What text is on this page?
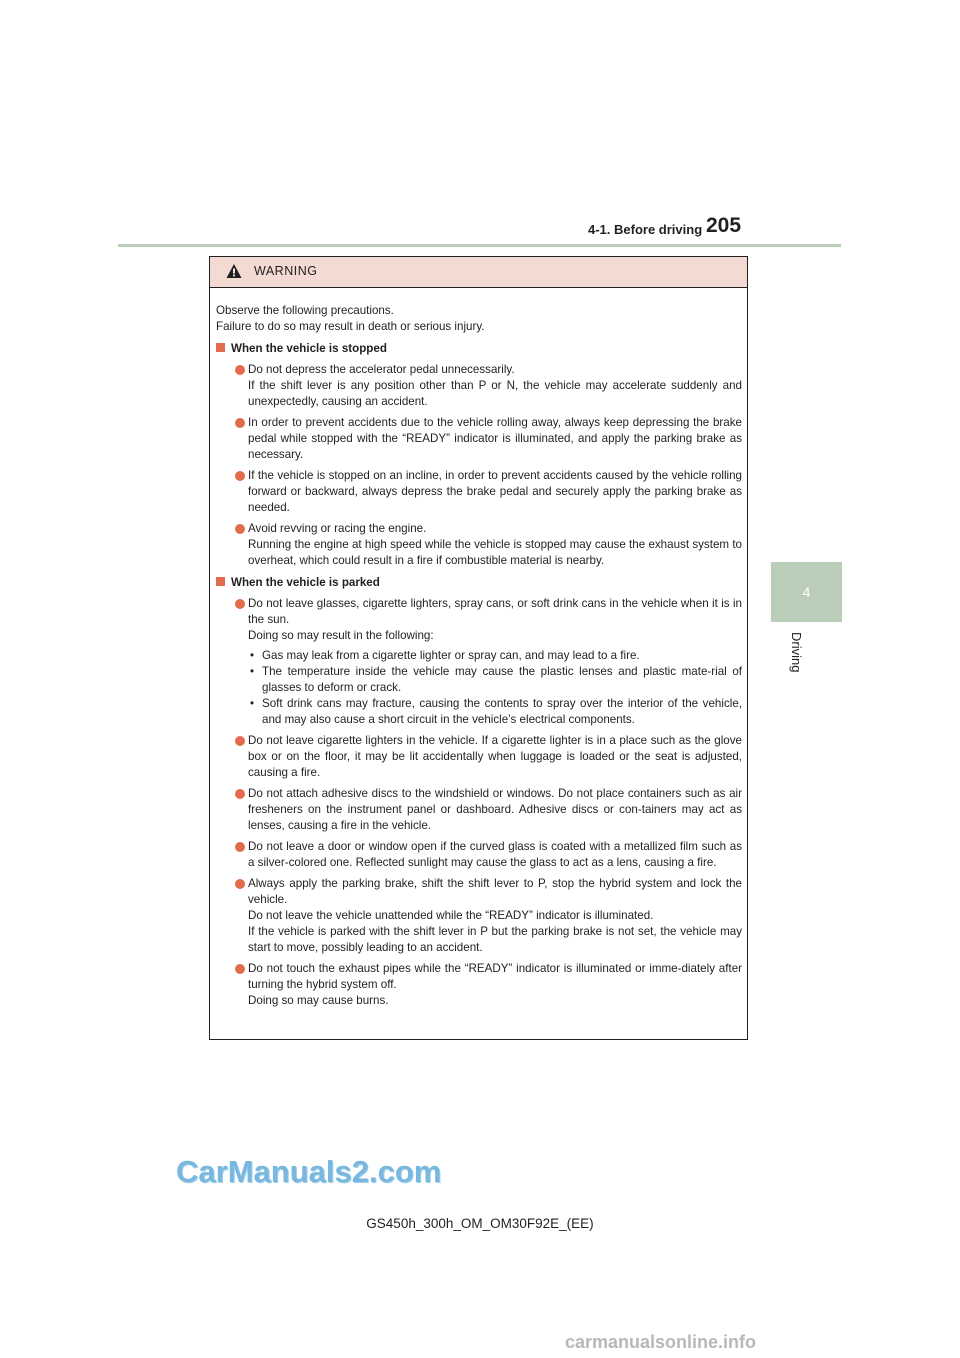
4-1. Before driving 205
4
Driving
WARNING
Observe the following precautions.
Failure to do so may result in death or serious injury.
When the vehicle is stopped
Do not depress the accelerator pedal unnecessarily.
If the shift lever is any position other than P or N, the vehicle may accelerate suddenly and unexpectedly, causing an accident.
In order to prevent accidents due to the vehicle rolling away, always keep depressing the brake pedal while stopped with the “READY” indicator is illuminated, and apply the parking brake as necessary.
If the vehicle is stopped on an incline, in order to prevent accidents caused by the vehicle rolling forward or backward, always depress the brake pedal and securely apply the parking brake as needed.
Avoid revving or racing the engine.
Running the engine at high speed while the vehicle is stopped may cause the exhaust system to overheat, which could result in a fire if combustible material is nearby.
When the vehicle is parked
Do not leave glasses, cigarette lighters, spray cans, or soft drink cans in the vehicle when it is in the sun.
Doing so may result in the following:
• Gas may leak from a cigarette lighter or spray can, and may lead to a fire.
• The temperature inside the vehicle may cause the plastic lenses and plastic mate-rial of glasses to deform or crack.
• Soft drink cans may fracture, causing the contents to spray over the interior of the vehicle, and may also cause a short circuit in the vehicle’s electrical components.
Do not leave cigarette lighters in the vehicle. If a cigarette lighter is in a place such as the glove box or on the floor, it may be lit accidentally when luggage is loaded or the seat is adjusted, causing a fire.
Do not attach adhesive discs to the windshield or windows. Do not place containers such as air fresheners on the instrument panel or dashboard. Adhesive discs or con-tainers may act as lenses, causing a fire in the vehicle.
Do not leave a door or window open if the curved glass is coated with a metallized film such as a silver-colored one. Reflected sunlight may cause the glass to act as a lens, causing a fire.
Always apply the parking brake, shift the shift lever to P, stop the hybrid system and lock the vehicle.
Do not leave the vehicle unattended while the “READY” indicator is illuminated.
If the vehicle is parked with the shift lever in P but the parking brake is not set, the vehicle may start to move, possibly leading to an accident.
Do not touch the exhaust pipes while the “READY” indicator is illuminated or imme-diately after turning the hybrid system off.
Doing so may cause burns.
CarManuals2.com
GS450h_300h_OM_OM30F92E_(EE)
carmanualsonline.info
